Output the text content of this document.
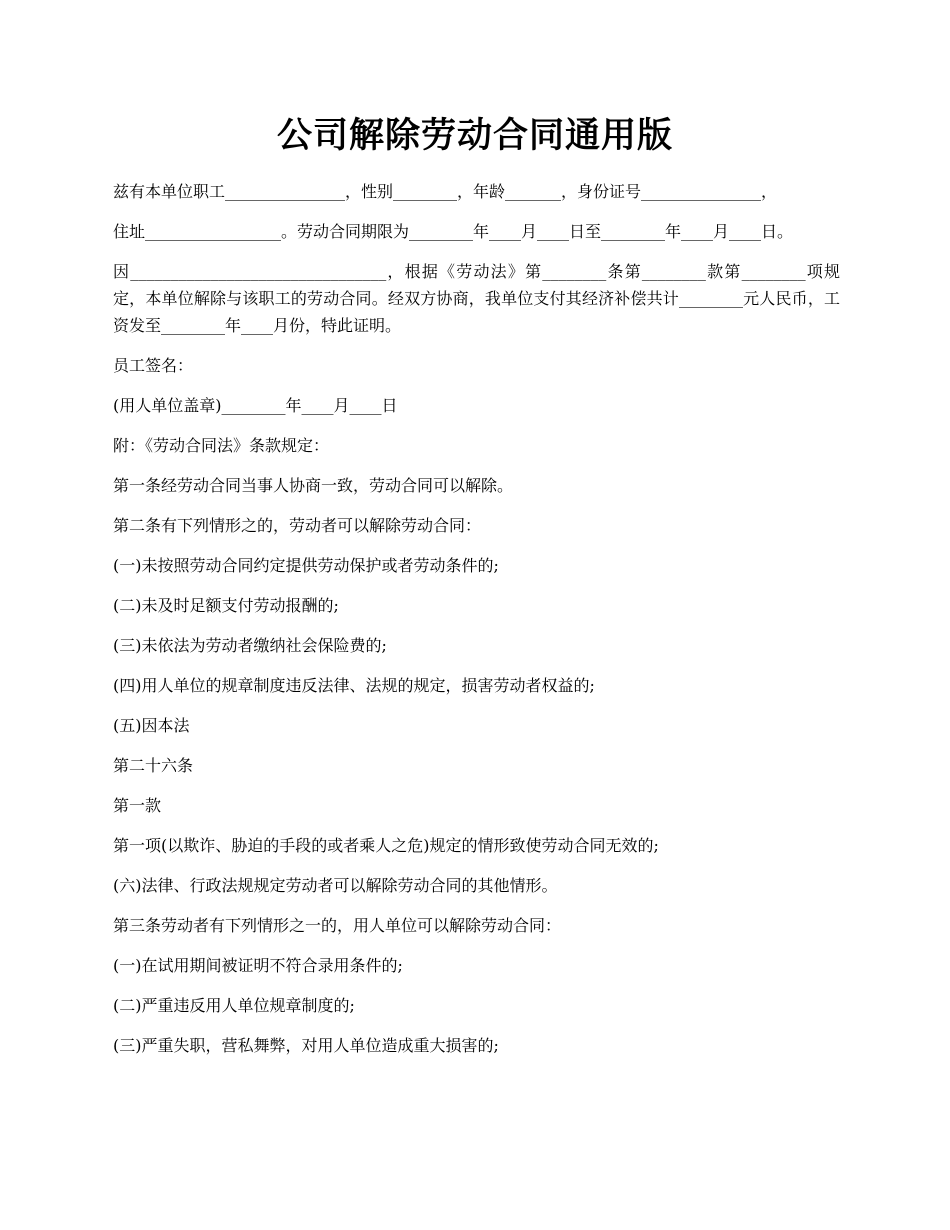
公司解除劳动合同通用版

兹有本单位职工_______________，性别________，年龄_______，身份证号_______________，

住址_________________。劳动合同期限为________年____月____日至________年____月____日。

因________________________________，根据《劳动法》第________条第________款第________项规定，本单位解除与该职工的劳动合同。经双方协商，我单位支付其经济补偿共计________元人民币，工资发至________年____月份，特此证明。

员工签名：

(用人单位盖章)________年____月____日

附：《劳动合同法》条款规定：

第一条经劳动合同当事人协商一致，劳动合同可以解除。

第二条有下列情形之的，劳动者可以解除劳动合同：

(一)未按照劳动合同约定提供劳动保护或者劳动条件的;

(二)未及时足额支付劳动报酬的;

(三)未依法为劳动者缴纳社会保险费的;

(四)用人单位的规章制度违反法律、法规的规定，损害劳动者权益的;

(五)因本法

第二十六条

第一款

第一项(以欺诈、胁迫的手段的或者乘人之危)规定的情形致使劳动合同无效的;

(六)法律、行政法规规定劳动者可以解除劳动合同的其他情形。

第三条劳动者有下列情形之一的，用人单位可以解除劳动合同：

(一)在试用期间被证明不符合录用条件的;

(二)严重违反用人单位规章制度的;

(三)严重失职，营私舞弊，对用人单位造成重大损害的;
